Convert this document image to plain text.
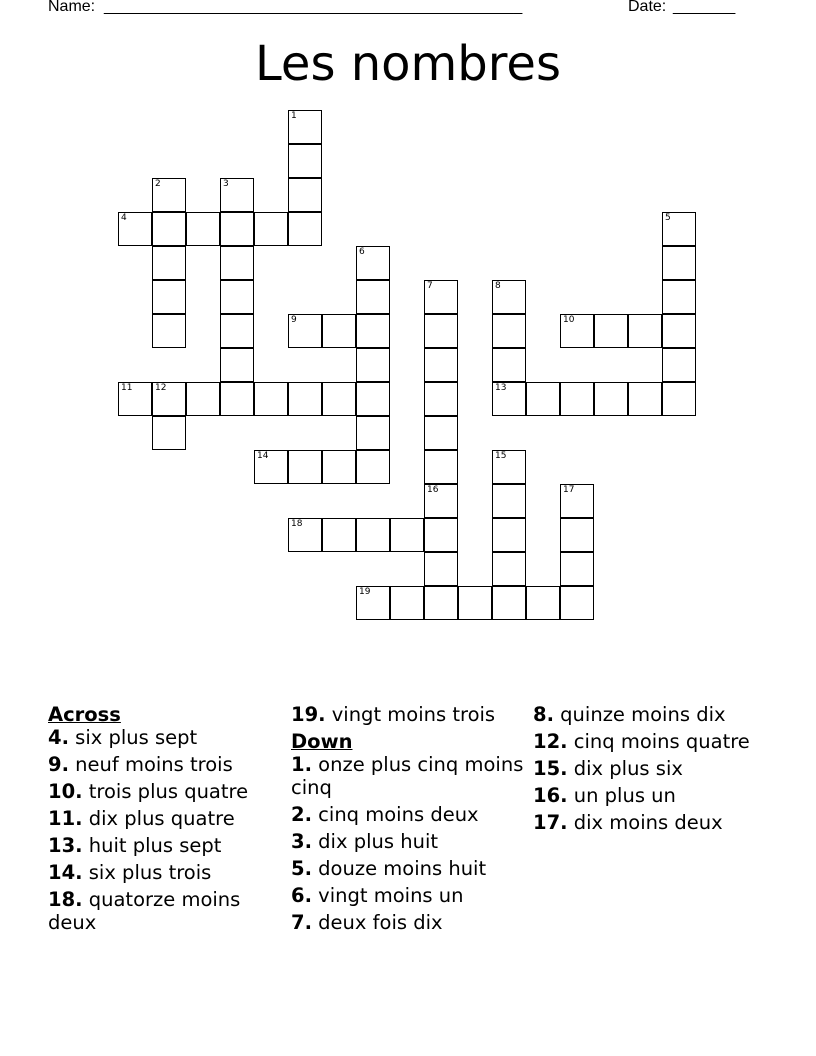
Name: _______________________________________________	Date: _______
Les nombres
4
9	10
11	12	13
14
18
19
1
2	3
5
6
7	8
15
16	17

Across

4. six plus sept

9. neuf moins trois

10. trois plus quatre

11. dix plus quatre

13. huit plus sept

14. six plus trois

18. quatorze moins deux

19. vingt moins trois

Down

1. onze plus cinq moins cinq

2. cinq moins deux

3. dix plus huit

5. douze moins huit

6. vingt moins un

7. deux fois dix

8. quinze moins dix

12. cinq moins quatre

15. dix plus six

16. un plus un

17. dix moins deux
